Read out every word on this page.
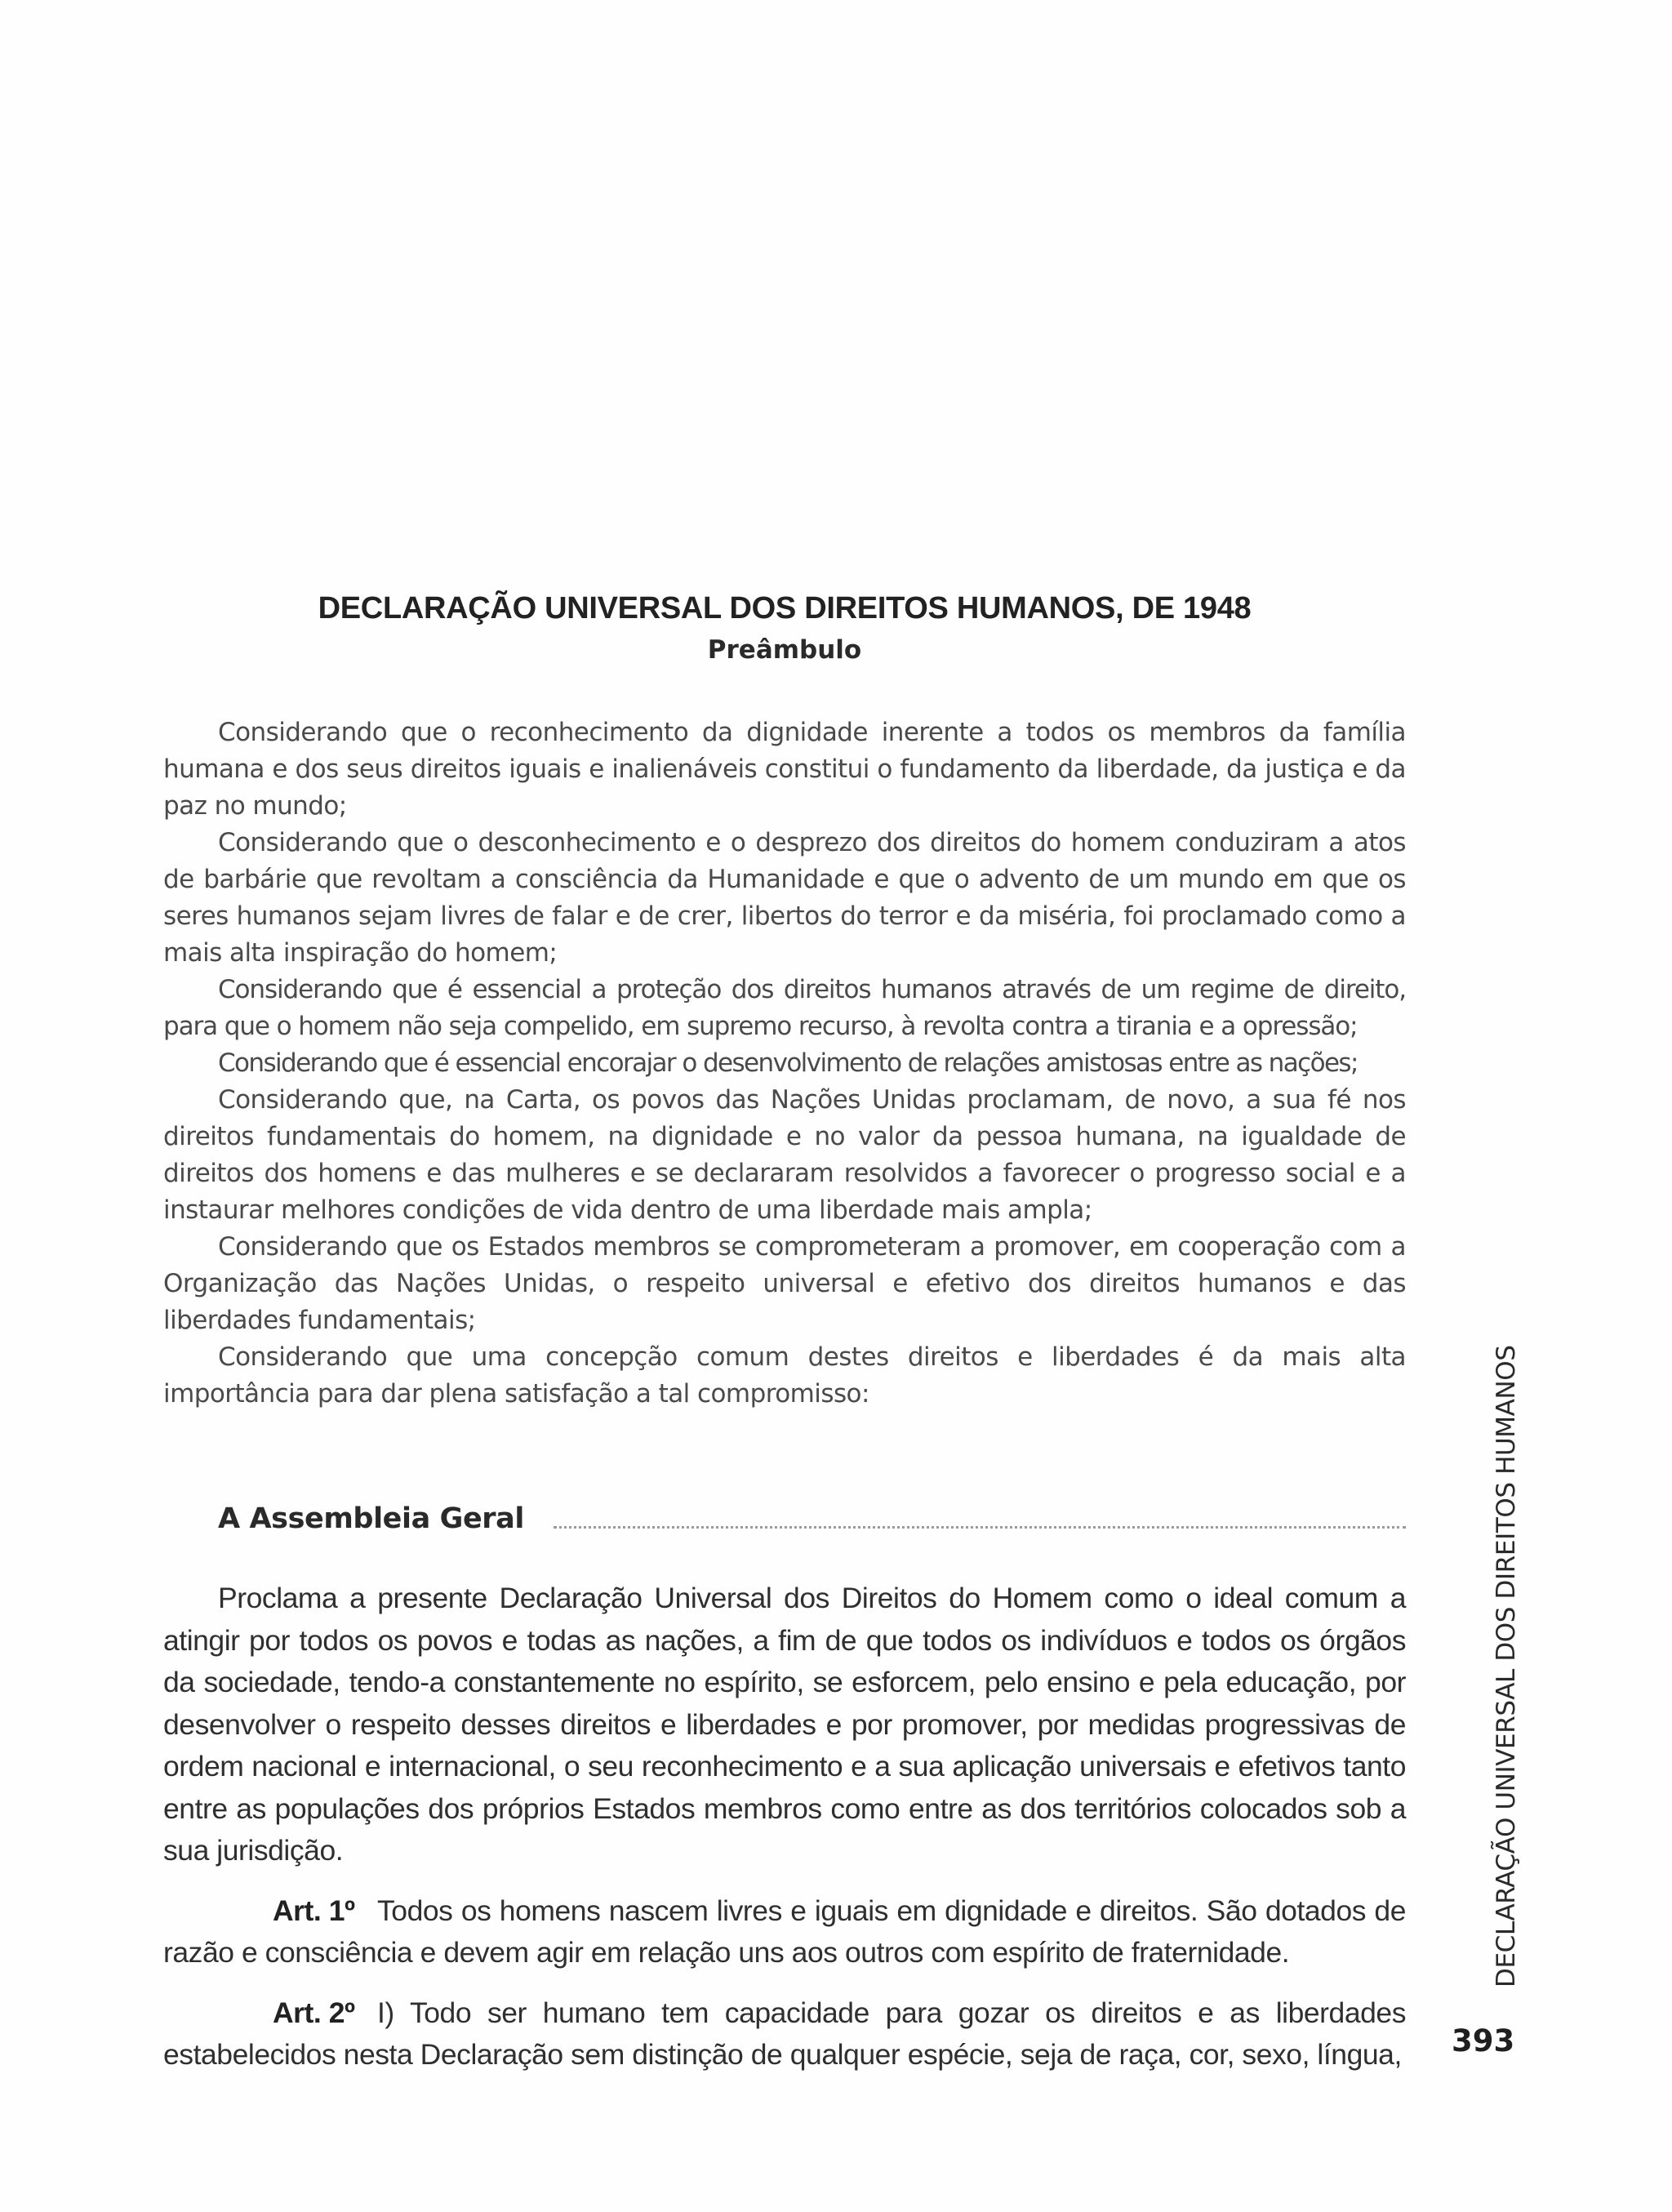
DECLARAÇÃO UNIVERSAL DOS DIREITOS HUMANOS, DE 1948
Preâmbulo

Considerando que o reconhecimento da dignidade inerente a todos os membros da família humana e dos seus direitos iguais e inalienáveis constitui o fundamento da liberdade, da justiça e da paz no mundo;

Considerando que o desconhecimento e o desprezo dos direitos do homem conduziram a atos de barbárie que revoltam a consciência da Humanidade e que o advento de um mundo em que os seres humanos sejam livres de falar e de crer, libertos do terror e da miséria, foi proclamado como a mais alta inspiração do homem;

Considerando que é essencial a proteção dos direitos humanos através de um regime de direito, para que o homem não seja compelido, em supremo recurso, à revolta contra a tirania e a opressão;

Considerando que é essencial encorajar o desenvolvimento de relações amistosas entre as nações;

Considerando que, na Carta, os povos das Nações Unidas proclamam, de novo, a sua fé nos direitos fundamentais do homem, na dignidade e no valor da pessoa humana, na igualdade de direitos dos homens e das mulheres e se declararam resolvidos a favorecer o progresso social e a instaurar melhores condições de vida dentro de uma liberdade mais ampla;

Considerando que os Estados membros se comprometeram a promover, em cooperação com a Organização das Nações Unidas, o respeito universal e efetivo dos direitos humanos e das liberdades fundamentais;

Considerando que uma concepção comum destes direitos e liberdades é da mais alta importância para dar plena satisfação a tal compromisso:

A Assembleia Geral

Proclama a presente Declaração Universal dos Direitos do Homem como o ideal comum a atingir por todos os povos e todas as nações, a fim de que todos os indivíduos e todos os órgãos da sociedade, tendo-a constantemente no espírito, se esforcem, pelo ensino e pela educação, por desenvolver o respeito desses direitos e liberdades e por promover, por medidas progressivas de ordem nacional e internacional, o seu reconhecimento e a sua aplicação universais e efetivos tanto entre as populações dos próprios Estados membros como entre as dos territórios colocados sob a sua jurisdição.

Art. 1º Todos os homens nascem livres e iguais em dignidade e direitos. São dotados de razão e consciência e devem agir em relação uns aos outros com espírito de fraternidade.

Art. 2º I) Todo ser humano tem capacidade para gozar os direitos e as liberdades estabelecidos nesta Declaração sem distinção de qualquer espécie, seja de raça, cor, sexo, língua,

DECLARAÇÃO UNIVERSAL DOS DIREITOS HUMANOS
393
